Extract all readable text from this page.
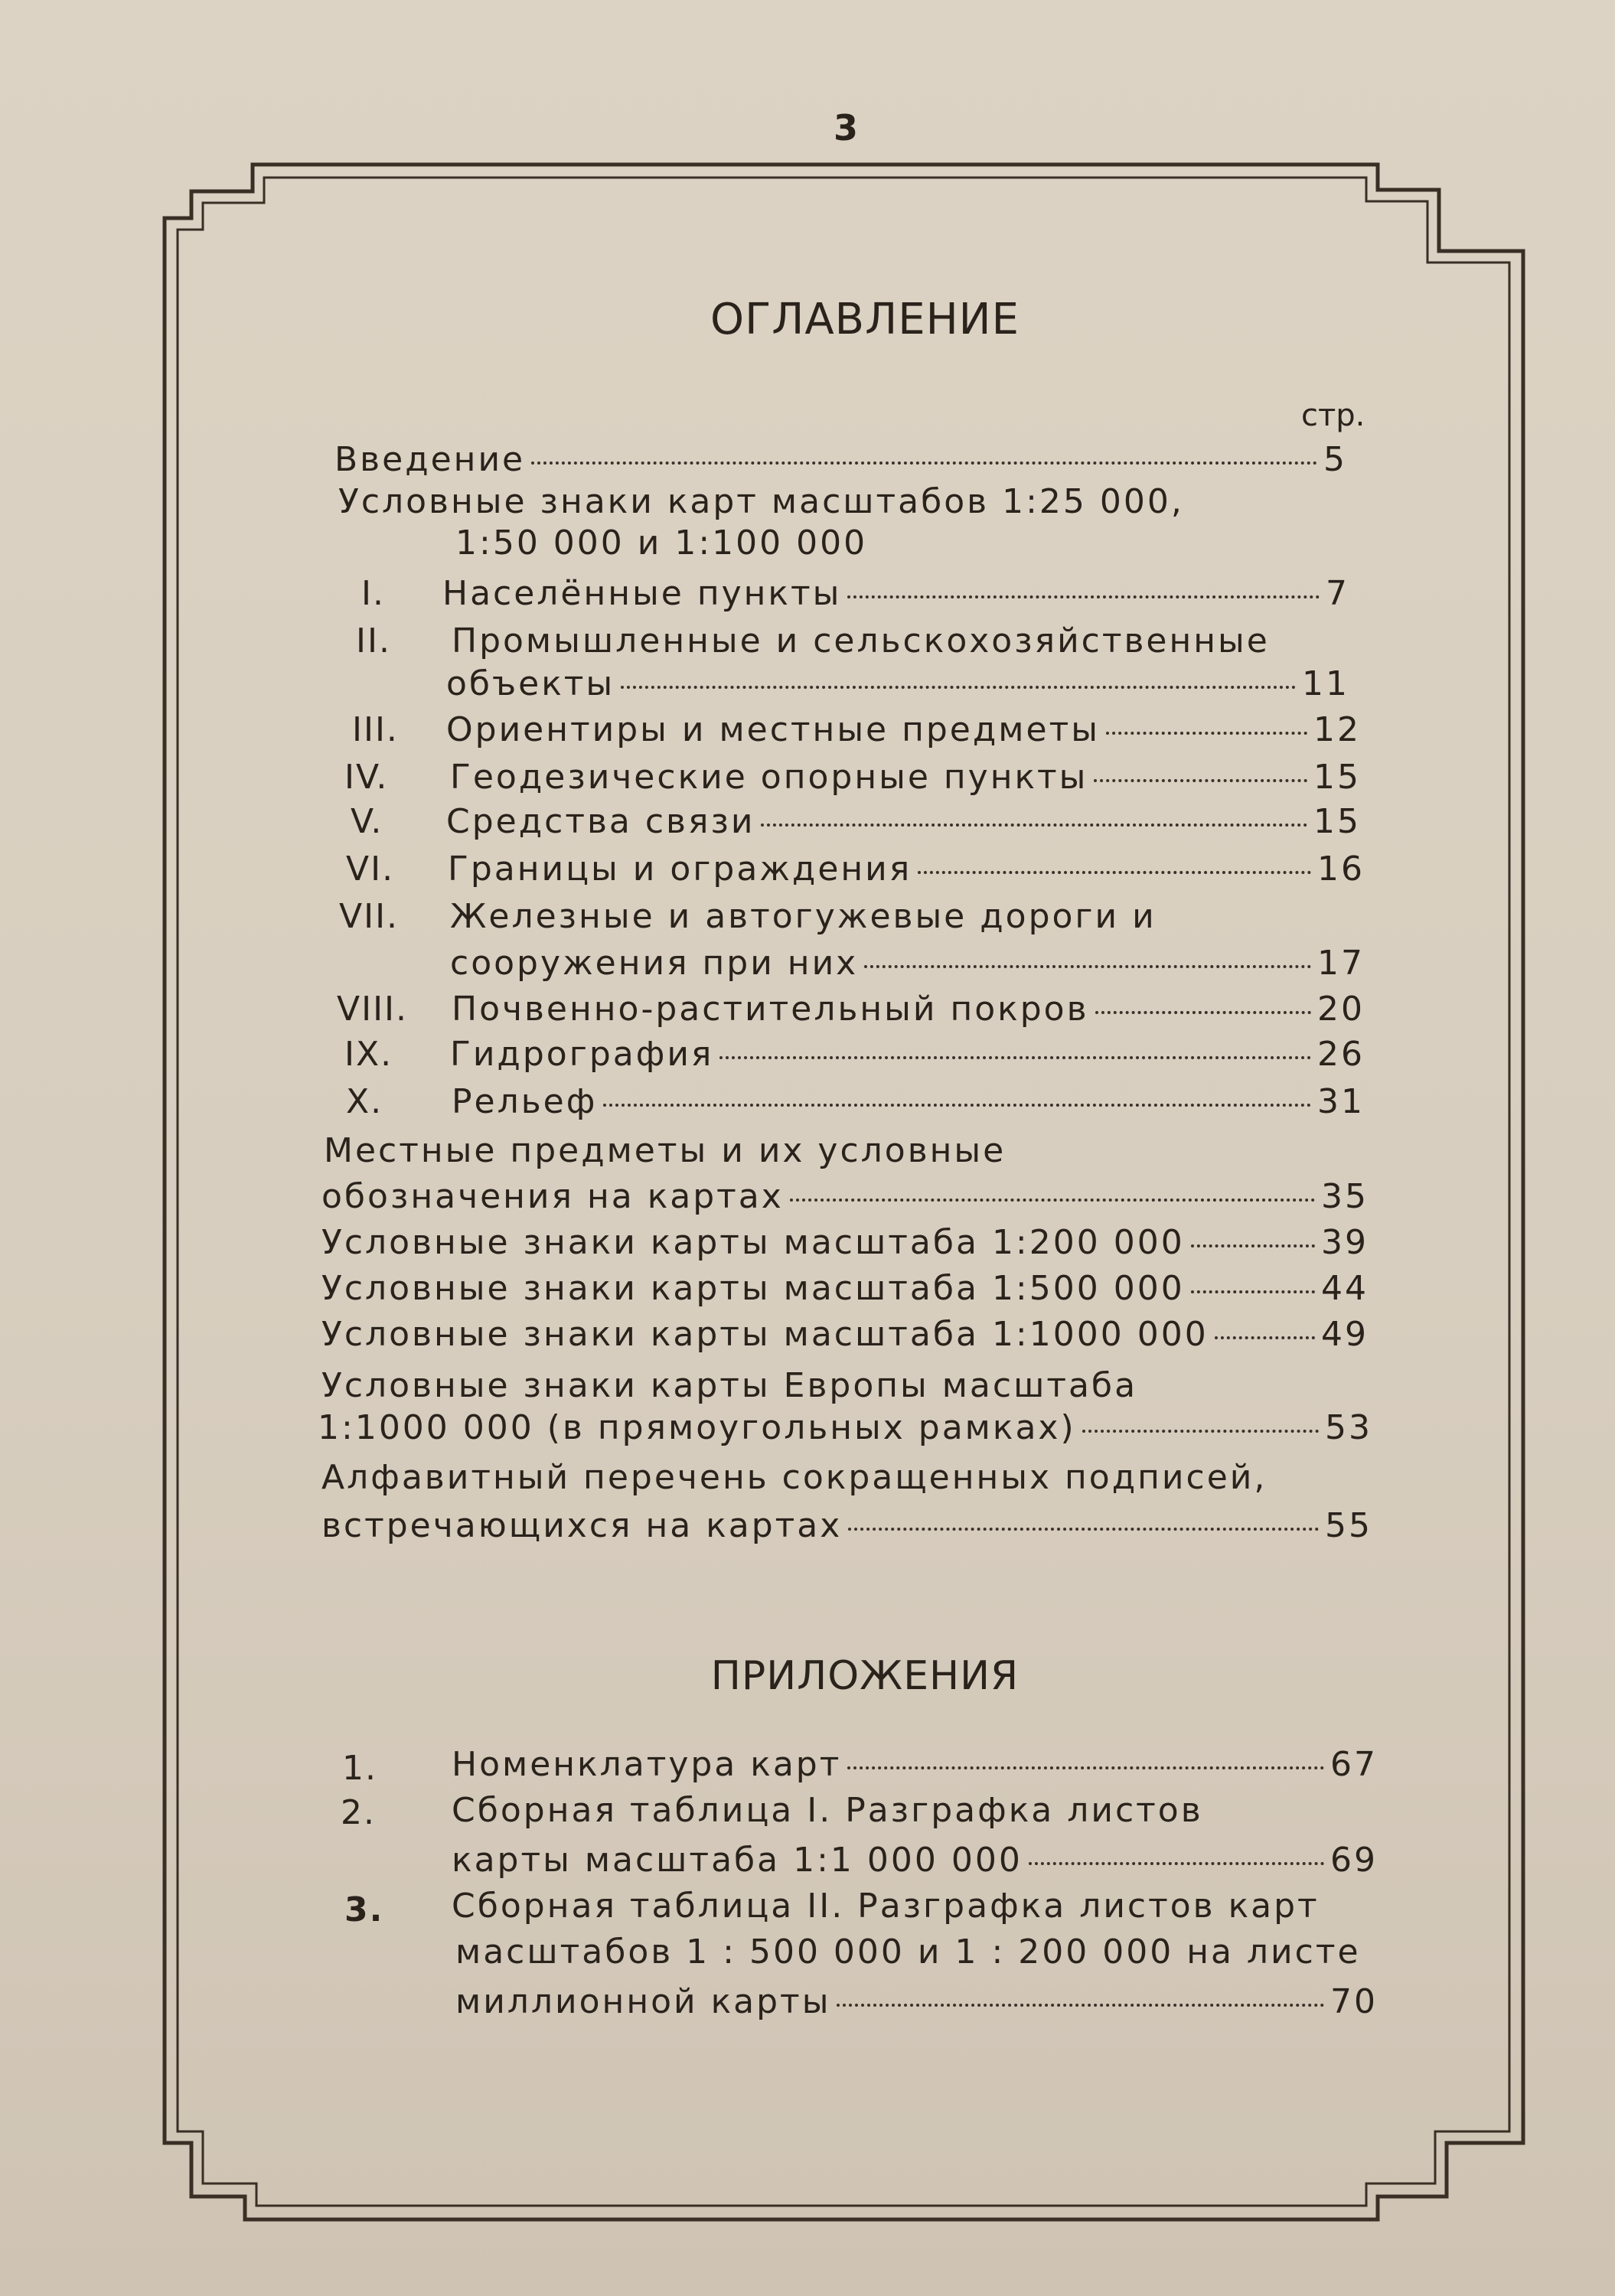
3
ОГЛАВЛЕНИЕ
стр.
Введение	5
Условные знаки карт масштабов 1:25 000,
1:50 000 и 1:100 000
I. Населённые пункты	7
II. Промышленные и сельскохозяйственные
объекты	11
III. Ориентиры и местные предметы	12
IV. Геодезические опорные пункты	15
V. Средства связи	15
VI. Границы и ограждения	16
VII. Железные и автогужевые дороги и
сооружения при них	17
VIII. Почвенно-растительный покров	20
IX. Гидрография	26
X. Рельеф	31
Местные предметы и их условные
обозначения на картах	35
Условные знаки карты масштаба 1:200 000	39
Условные знаки карты масштаба 1:500 000	44
Условные знаки карты масштаба 1:1000 000	49
Условные знаки карты Европы масштаба
1:1000 000 (в прямоугольных рамках)	53
Алфавитный перечень сокращенных подписей,
встречающихся на картах	55
ПРИЛОЖЕНИЯ
1. Номенклатура карт	67
2. Сборная таблица I. Разграфка листов
карты масштаба 1:1 000 000	69
3. Сборная таблица II. Разграфка листов карт
масштабов 1 : 500 000 и 1 : 200 000 на листе
миллионной карты	70
